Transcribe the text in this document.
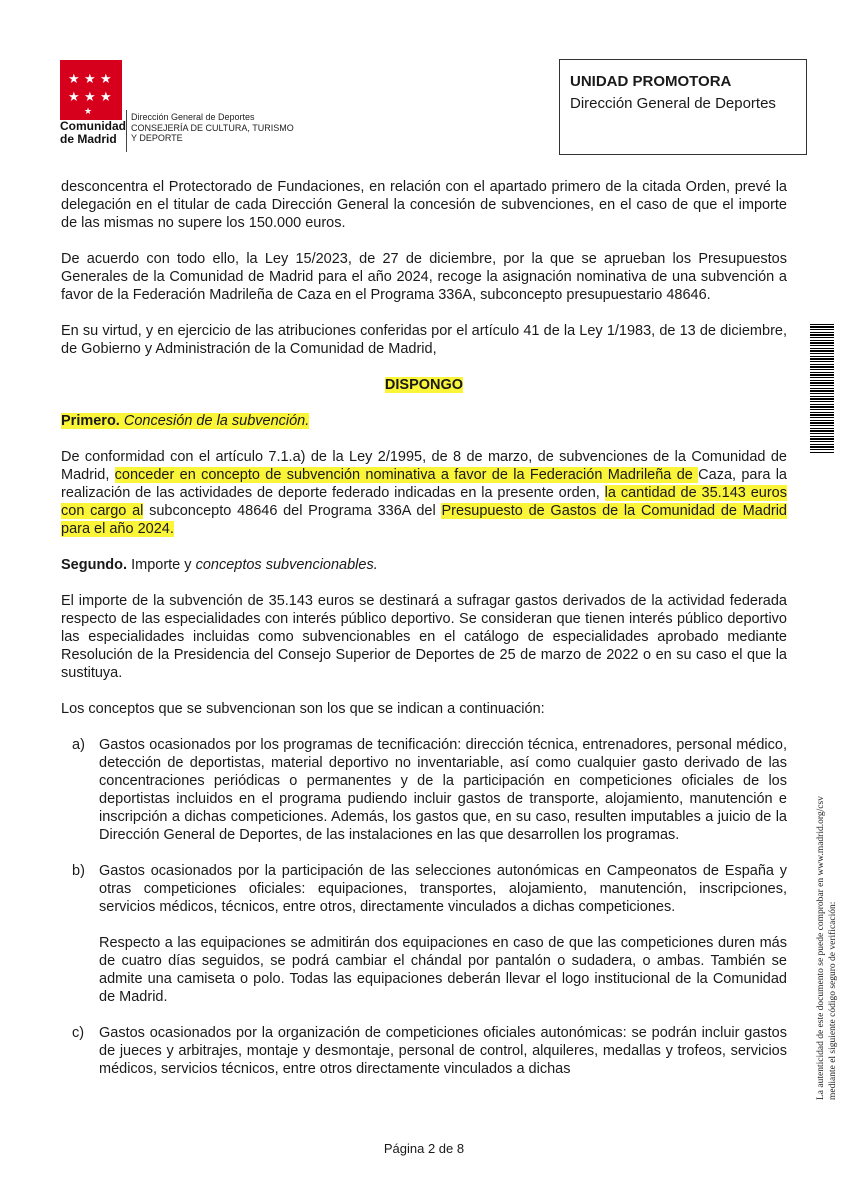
★ ★ ★
★ ★ ★
★
Comunidad
de Madrid
Dirección General de Deportes
CONSEJERÍA DE CULTURA, TURISMO
Y DEPORTE
UNIDAD PROMOTORA
Dirección General de Deportes

desconcentra el Protectorado de Fundaciones, en relación con el apartado primero de la citada Orden, prevé la delegación en el titular de cada Dirección General la concesión de subvenciones, en el caso de que el importe de las mismas no supere los 150.000 euros.

De acuerdo con todo ello, la Ley 15/2023, de 27 de diciembre, por la que se aprueban los Presupuestos Generales de la Comunidad de Madrid para el año 2024, recoge la asignación nominativa de una subvención a favor de la Federación Madrileña de Caza en el Programa 336A, subconcepto presupuestario 48646.

En su virtud, y en ejercicio de las atribuciones conferidas por el artículo 41 de la Ley 1/1983, de 13 de diciembre, de Gobierno y Administración de la Comunidad de Madrid,

DISPONGO

Primero. Concesión de la subvención.

De conformidad con el artículo 7.1.a) de la Ley 2/1995, de 8 de marzo, de subvenciones de la Comunidad de Madrid, conceder en concepto de subvención nominativa a favor de la Federación Madrileña de Caza, para la realización de las actividades de deporte federado indicadas en la presente orden, la cantidad de 35.143 euros con cargo al subconcepto 48646 del Programa 336A del Presupuesto de Gastos de la Comunidad de Madrid para el año 2024.

Segundo. Importe y conceptos subvencionables.

El importe de la subvención de 35.143 euros se destinará a sufragar gastos derivados de la actividad federada respecto de las especialidades con interés público deportivo. Se consideran que tienen interés público deportivo las especialidades incluidas como subvencionables en el catálogo de especialidades aprobado mediante Resolución de la Presidencia del Consejo Superior de Deportes de 25 de marzo de 2022 o en su caso el que la sustituya.

Los conceptos que se subvencionan son los que se indican a continuación:

a) Gastos ocasionados por los programas de tecnificación: dirección técnica, entrenadores, personal médico, detección de deportistas, material deportivo no inventariable, así como cualquier gasto derivado de las concentraciones periódicas o permanentes y de la participación en competiciones oficiales de los deportistas incluidos en el programa pudiendo incluir gastos de transporte, alojamiento, manutención e inscripción a dichas competiciones. Además, los gastos que, en su caso, resulten imputables a juicio de la Dirección General de Deportes, de las instalaciones en las que desarrollen los programas.

b) Gastos ocasionados por la participación de las selecciones autonómicas en Campeonatos de España y otras competiciones oficiales: equipaciones, transportes, alojamiento, manutención, inscripciones, servicios médicos, técnicos, entre otros, directamente vinculados a dichas competiciones.

Respecto a las equipaciones se admitirán dos equipaciones en caso de que las competiciones duren más de cuatro días seguidos, se podrá cambiar el chándal por pantalón o sudadera, o ambas. También se admite una camiseta o polo. Todas las equipaciones deberán llevar el logo institucional de la Comunidad de Madrid.

c) Gastos ocasionados por la organización de competiciones oficiales autonómicas: se podrán incluir gastos de jueces y arbitrajes, montaje y desmontaje, personal de control, alquileres, medallas y trofeos, servicios médicos, servicios técnicos, entre otros directamente vinculados a dichas

Página 2 de 8
La autenticidad de este documento se puede comprobar en www.madrid.org/csv mediante el siguiente código seguro de verificación:
